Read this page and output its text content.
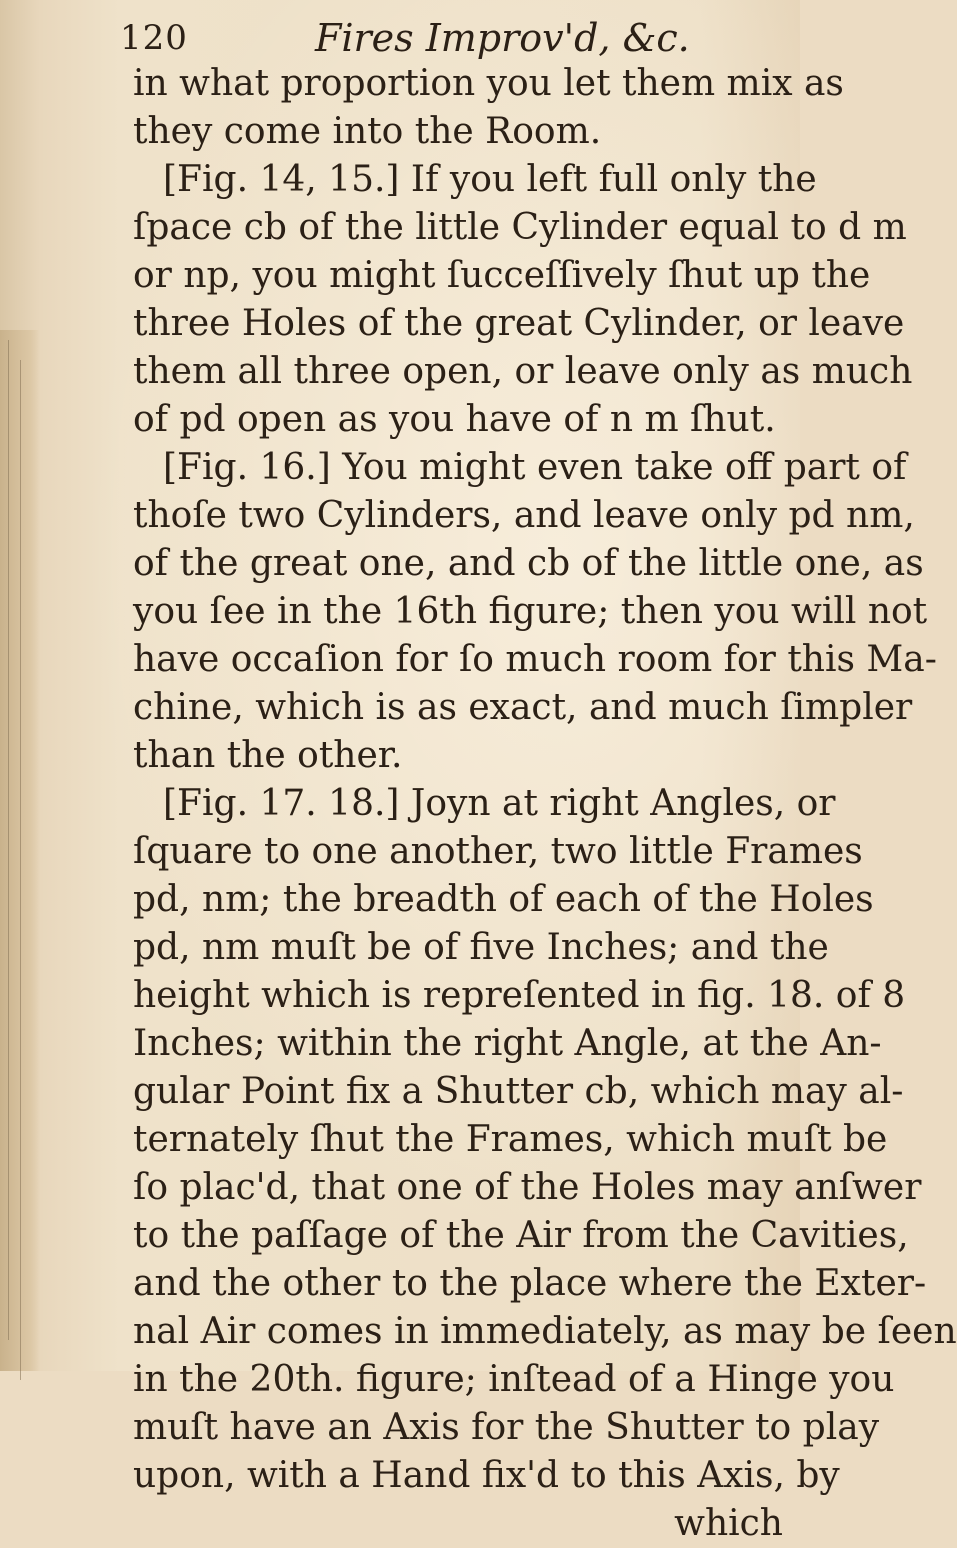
120	Fires Improv'd, &c.
in what proportion you let them mix as
they come into the Room.
[Fig. 14, 15.] If you left full only the
ſpace cb of the little Cylinder equal to d m
or np, you might ſucceſſively ſhut up the
three Holes of the great Cylinder, or leave
them all three open, or leave only as much
of pd open as you have of n m ſhut.
[Fig. 16.] You might even take off part of
thoſe two Cylinders, and leave only pd nm,
of the great one, and cb of the little one, as
you ſee in the 16th figure; then you will not
have occaſion for ſo much room for this Ma-
chine, which is as exact, and much ſimpler
than the other.
[Fig. 17. 18.] Joyn at right Angles, or
ſquare to one another, two little Frames
pd, nm; the breadth of each of the Holes
pd, nm muſt be of five Inches; and the
height which is repreſented in fig. 18. of 8
Inches; within the right Angle, at the An-
gular Point fix a Shutter cb, which may al-
ternately ſhut the Frames, which muſt be
ſo plac'd, that one of the Holes may anſwer
to the paſſage of the Air from the Cavities,
and the other to the place where the Exter-
nal Air comes in immediately, as may be ſeen
in the 20th. figure; inſtead of a Hinge you
muſt have an Axis for the Shutter to play
upon, with a Hand fix'd to this Axis, by
which
